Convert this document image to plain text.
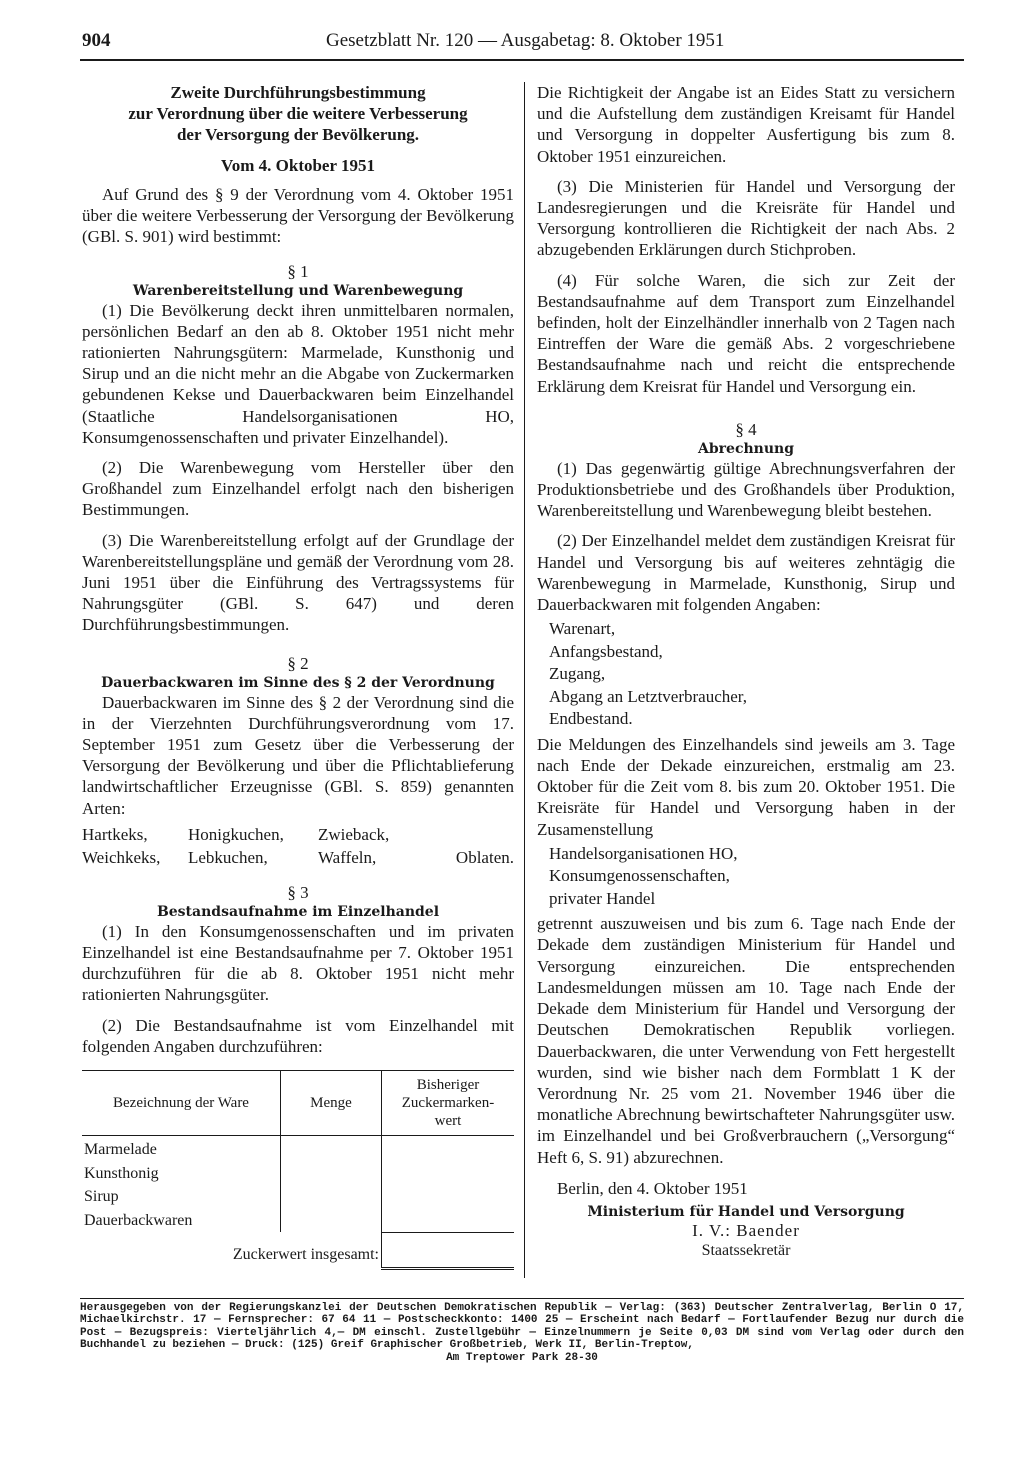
904	Gesetzblatt Nr. 120 — Ausgabetag: 8. Oktober 1951

Zweite Durchführungsbestimmung

zur Verordnung über die weitere Verbesserung

der Versorgung der Bevölkerung.

Vom 4. Oktober 1951

Auf Grund des § 9 der Verordnung vom 4. Oktober 1951 über die weitere Verbesserung der Versorgung der Bevölkerung (GBl. S. 901) wird bestimmt:

§ 1
Warenbereitstellung und Warenbewegung

(1) Die Bevölkerung deckt ihren unmittelbaren normalen, persönlichen Bedarf an den ab 8. Oktober 1951 nicht mehr rationierten Nahrungsgütern: Marmelade, Kunsthonig und Sirup und an die nicht mehr an die Abgabe von Zuckermarken gebundenen Kekse und Dauerbackwaren beim Einzelhandel (Staatliche Handelsorganisationen HO, Konsumgenossenschaften und privater Einzelhandel).

(2) Die Warenbewegung vom Hersteller über den Großhandel zum Einzelhandel erfolgt nach den bisherigen Bestimmungen.

(3) Die Warenbereitstellung erfolgt auf der Grundlage der Warenbereitstellungspläne und gemäß der Verordnung vom 28. Juni 1951 über die Einführung des Vertragssystems für Nahrungsgüter (GBl. S. 647) und deren Durchführungsbestimmungen.

§ 2
Dauerbackwaren im Sinne des § 2 der Verordnung

Dauerbackwaren im Sinne des § 2 der Verordnung sind die in der Vierzehnten Durchführungsverordnung vom 17. September 1951 zum Gesetz über die Verbesserung der Versorgung der Bevölkerung und über die Pflichtablieferung landwirtschaftlicher Erzeugnisse (GBl. S. 859) genannten Arten:

Hartkeks,	Honigkuchen,	Zwieback,
Weichkeks,	Lebkuchen,	Waffeln,	Oblaten.
§ 3
Bestandsaufnahme im Einzelhandel

(1) In den Konsumgenossenschaften und im privaten Einzelhandel ist eine Bestandsaufnahme per 7. Oktober 1951 durchzuführen für die ab 8. Oktober 1951 nicht mehr rationierten Nahrungsgüter.

(2) Die Bestandsaufnahme ist vom Einzelhandel mit folgenden Angaben durchzuführen:

Bezeichnung der Ware	Menge	Bisheriger
Zuckermarken-
wert

Marmelade
Kunsthonig
Sirup
Dauerbackwaren		

Zuckerwert insgesamt:		

Die Richtigkeit der Angabe ist an Eides Statt zu versichern und die Aufstellung dem zuständigen Kreisamt für Handel und Versorgung in doppelter Ausfertigung bis zum 8. Oktober 1951 einzureichen.

(3) Die Ministerien für Handel und Versorgung der Landesregierungen und die Kreisräte für Handel und Versorgung kontrollieren die Richtigkeit der nach Abs. 2 abzugebenden Erklärungen durch Stichproben.

(4) Für solche Waren, die sich zur Zeit der Bestandsaufnahme auf dem Transport zum Einzelhandel befinden, holt der Einzelhändler innerhalb von 2 Tagen nach Eintreffen der Ware die gemäß Abs. 2 vorgeschriebene Bestandsaufnahme nach und reicht die entsprechende Erklärung dem Kreisrat für Handel und Versorgung ein.

§ 4
Abrechnung

(1) Das gegenwärtig gültige Abrechnungsverfahren der Produktionsbetriebe und des Großhandels über Produktion, Warenbereitstellung und Warenbewegung bleibt bestehen.

(2) Der Einzelhandel meldet dem zuständigen Kreisrat für Handel und Versorgung bis auf weiteres zehntägig die Warenbewegung in Marmelade, Kunsthonig, Sirup und Dauerbackwaren mit folgenden Angaben:

Warenart,
Anfangsbestand,
Zugang,
Abgang an Letztverbraucher,
Endbestand.

Die Meldungen des Einzelhandels sind jeweils am 3. Tage nach Ende der Dekade einzureichen, erstmalig am 23. Oktober für die Zeit vom 8. bis zum 20. Oktober 1951. Die Kreisräte für Handel und Versorgung haben in der Zusamenstellung

Handelsorganisationen HO,
Konsumgenossenschaften,
privater Handel

getrennt auszuweisen und bis zum 6. Tage nach Ende der Dekade dem zuständigen Ministerium für Handel und Versorgung einzureichen. Die entsprechenden Landesmeldungen müssen am 10. Tage nach Ende der Dekade dem Ministerium für Handel und Versorgung der Deutschen Demokratischen Republik vorliegen. Dauerbackwaren, die unter Verwendung von Fett hergestellt wurden, sind wie bisher nach dem Formblatt 1 K der Verordnung Nr. 25 vom 21. November 1946 über die monatliche Abrechnung bewirtschafteter Nahrungsgüter usw. im Einzelhandel und bei Großverbrauchern („Versorgung“ Heft 6, S. 91) abzurechnen.

Berlin, den 4. Oktober 1951

Ministerium für Handel und Versorgung
I. V.: Baender
Staatssekretär
Herausgegeben von der Regierungskanzlei der Deutschen Demokratischen Republik — Verlag: (363) Deutscher Zentralverlag, Berlin O 17, Michaelkirchstr. 17 — Fernsprecher: 67 64 11 — Postscheckkonto: 1400 25 — Erscheint nach Bedarf — Fortlaufender Bezug nur durch die Post — Bezugspreis: Vierteljährlich 4,— DM einschl. Zustellgebühr — Einzelnummern je Seite 0,03 DM sind vom Verlag oder durch den Buchhandel zu beziehen — Druck: (125) Greif Graphischer Großbetrieb, Werk II, Berlin-Treptow,
Am Treptower Park 28-30
